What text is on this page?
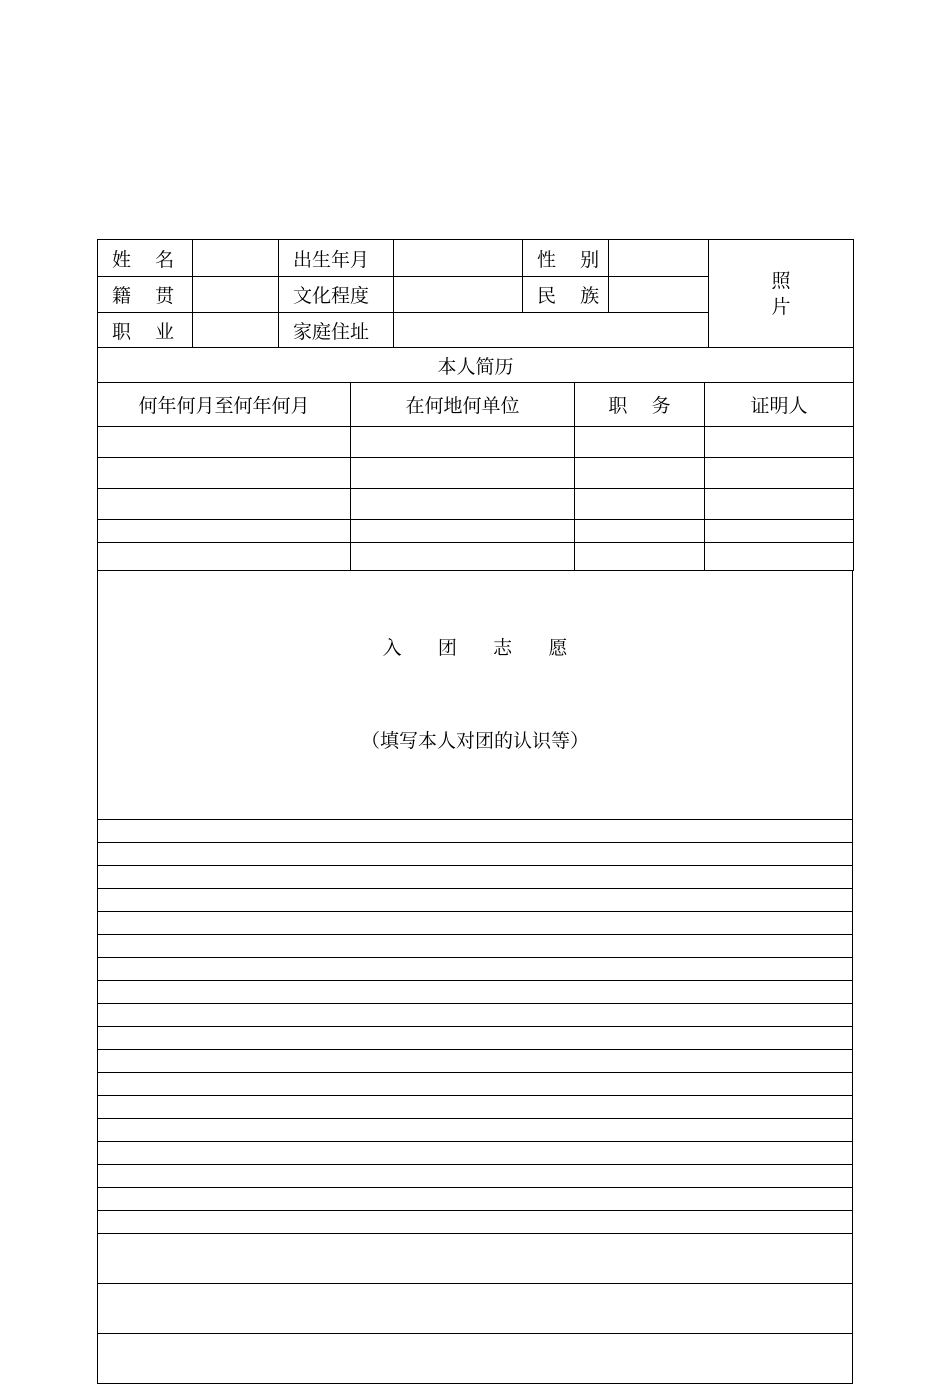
姓    名		出生年月		性    别		照
片

籍    贯		文化程度		民    族		
职    业		家庭住址				
本人简历			
何年何月至何年何月	在何地何单位	职    务	证明人

入      团      志      愿

（填写本人对团的认识等）
